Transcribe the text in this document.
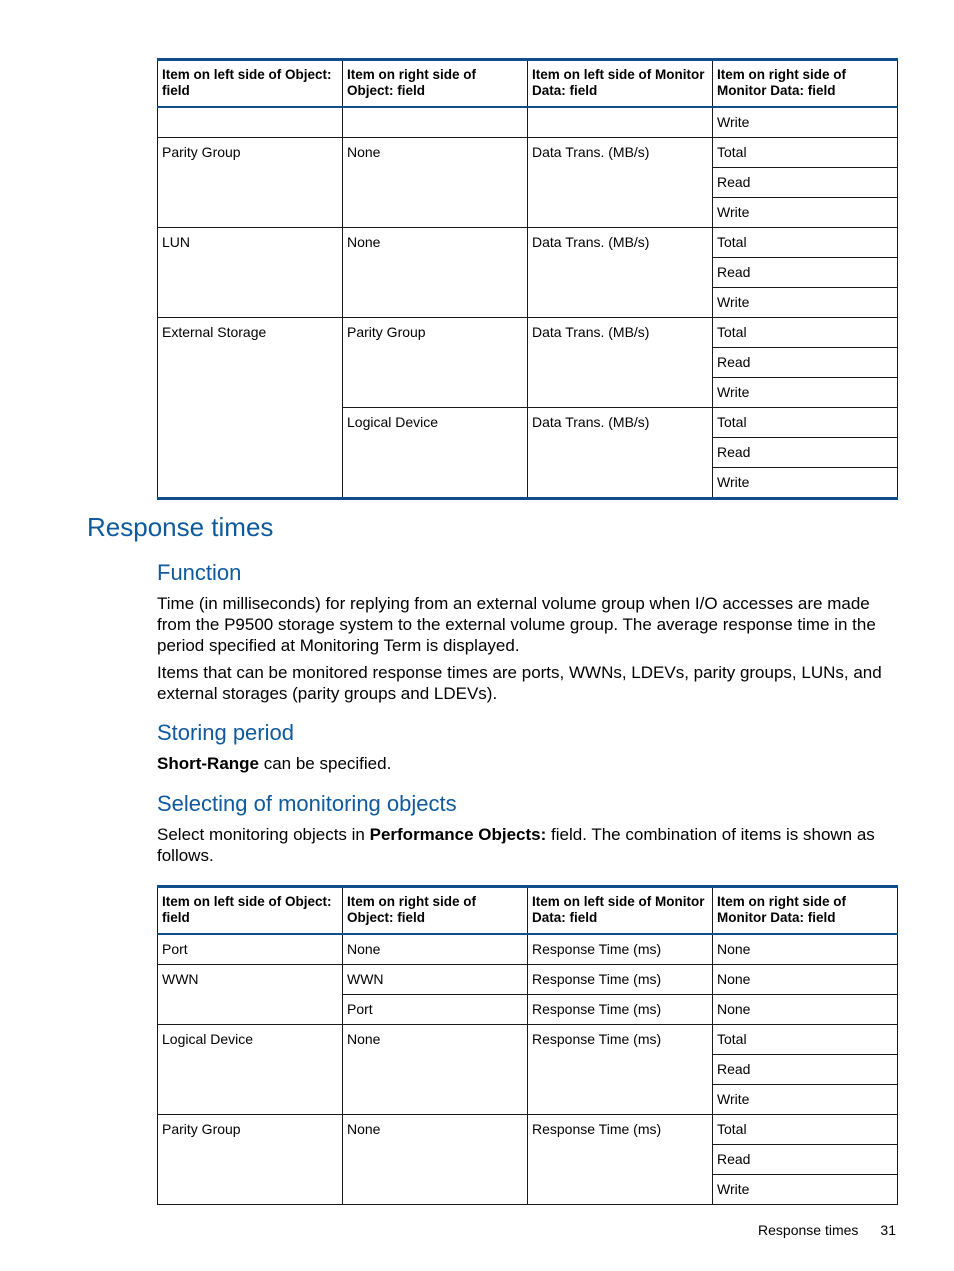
Item on left side of Object: field	Item on right side of Object: field	Item on left side of Monitor Data: field	Item on right side of Monitor Data: field
			Write
Parity Group	None	Data Trans. (MB/s)	Total
			Read
			Write
LUN	None	Data Trans. (MB/s)	Total
			Read
			Write
External Storage	Parity Group	Data Trans. (MB/s)	Total
			Read
			Write
	Logical Device	Data Trans. (MB/s)	Total
			Read
			Write
Response times
Function

Time (in milliseconds) for replying from an external volume group when I/O accesses are made from the P9500 storage system to the external volume group. The average response time in the period specified at Monitoring Term is displayed.

Items that can be monitored response times are ports, WWNs, LDEVs, parity groups, LUNs, and external storages (parity groups and LDEVs).

Storing period

Short-Range can be specified.

Selecting of monitoring objects

Select monitoring objects in Performance Objects: field. The combination of items is shown as follows.

Item on left side of Object: field	Item on right side of Object: field	Item on left side of Monitor Data: field	Item on right side of Monitor Data: field
Port	None	Response Time (ms)	None
WWN	WWN	Response Time (ms)	None
	Port	Response Time (ms)	None
Logical Device	None	Response Time (ms)	Total
			Read
			Write
Parity Group	None	Response Time (ms)	Total
			Read
			Write
Response times 31
